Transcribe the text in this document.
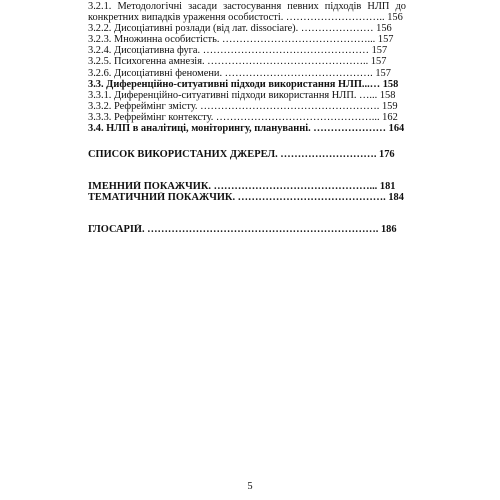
3.2.1. Методологічні засади застосування певних підходів НЛП до конкретних випадків ураження особистості. ……………………….. 156
3.2.2. Дисоціативні розлади (від лат. dissociare). ………………… 156
3.2.3. Множинна особистість. ……………………………………... 157
3.2.4. Дисоціативна фуга. ………………………………………… 157
3.2.5. Психогенна амнезія. ……………………………………….. 157
3.2.6. Дисоціативні феномени. ……………………………………. 157
3.3. Диференційно-ситуативні підходи використання НЛП...… 158
3.3.1. Диференційно-ситуативні підходи використання НЛП. …... 158
3.3.2. Рефреймінг змісту. ……………………………………………. 159
3.3.3. Рефреймінг контексту. ………………………………………... 162
3.4. НЛП в аналітиці, моніторингу, плануванні. ………………… 164
СПИСОК ВИКОРИСТАНИХ ДЖЕРЕЛ. ………………………. 176
ІМЕННИЙ ПОКАЖЧИК. ………………………………………... 181
ТЕМАТИЧНИЙ ПОКАЖЧИК. ……………………………………. 184
ГЛОСАРІЙ. …………………………………………………………. 186
5
